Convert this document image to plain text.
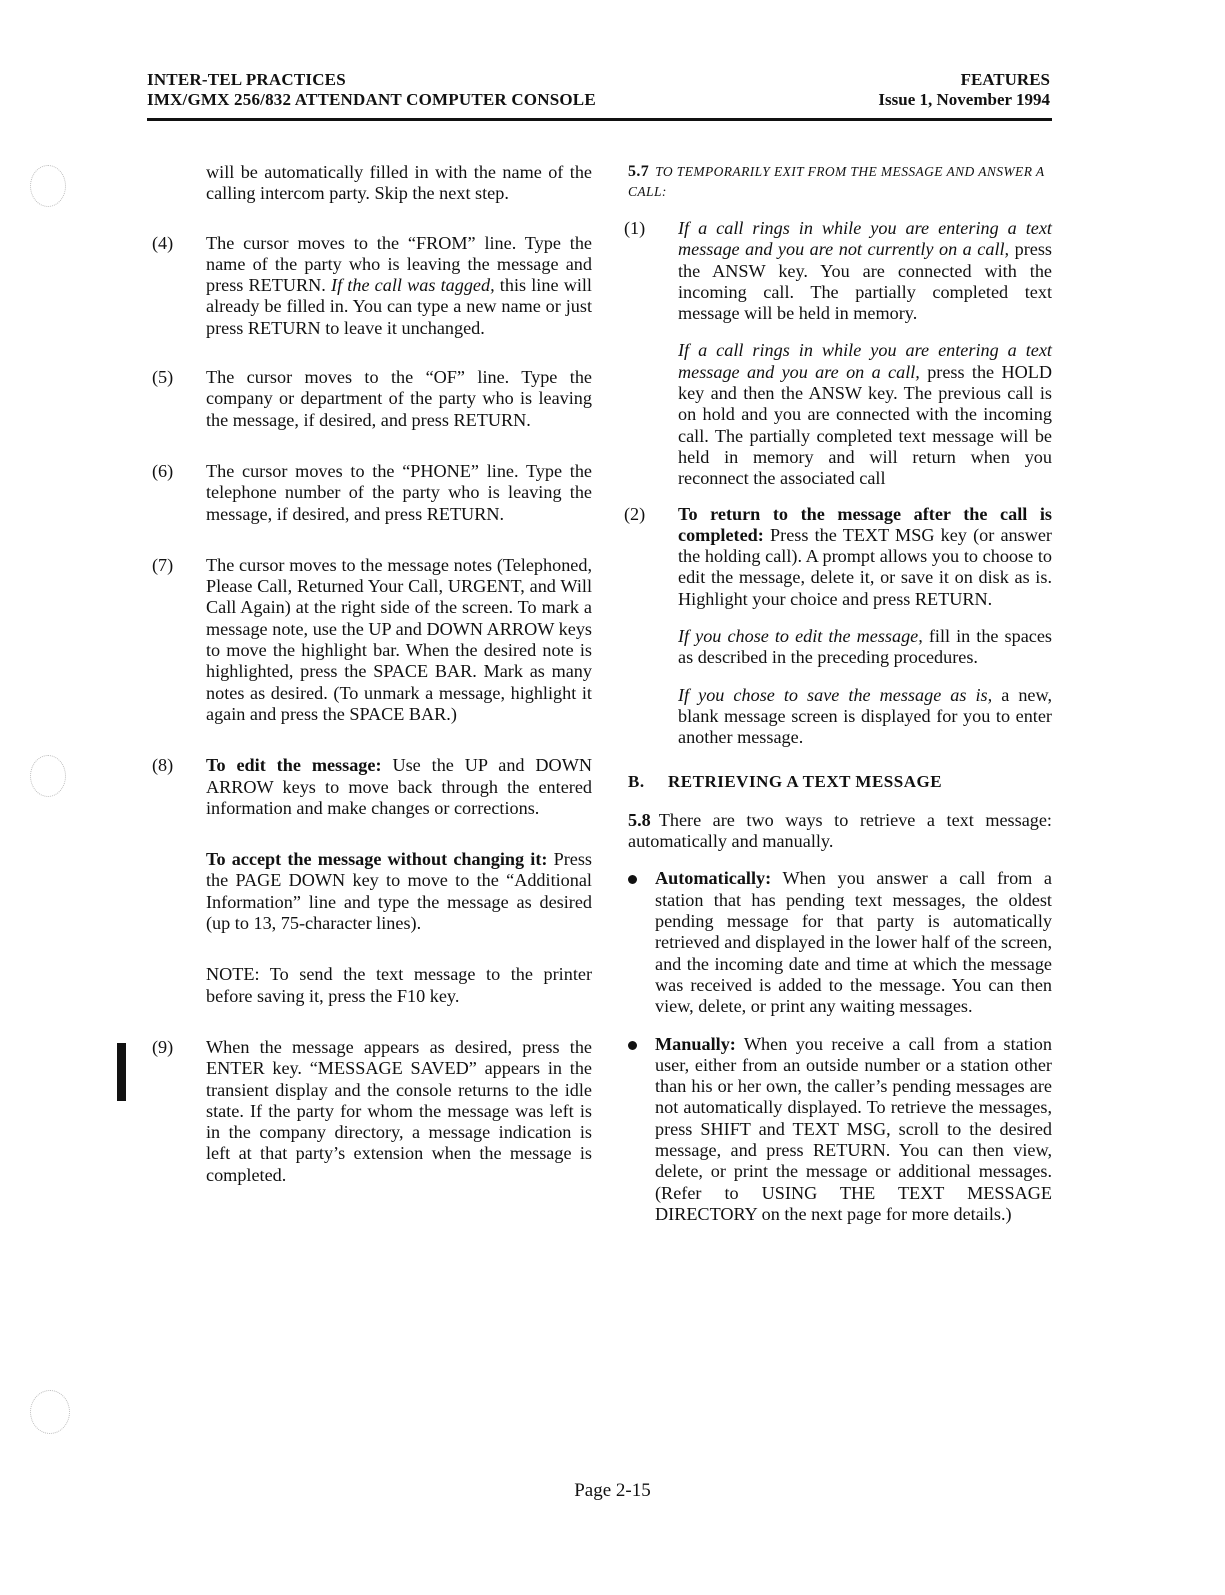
INTER-TEL PRACTICES
IMX/GMX 256/832 ATTENDANT COMPUTER CONSOLE
FEATURES
Issue 1, November 1994

will be automatically filled in with the name of the calling intercom party. Skip the next step.

(4) The cursor moves to the “FROM” line. Type the name of the party who is leaving the message and press RETURN. If the call was tagged, this line will already be filled in. You can type a new name or just press RETURN to leave it unchanged.

(5) The cursor moves to the “OF” line. Type the company or department of the party who is leaving the message, if desired, and press RETURN.

(6) The cursor moves to the “PHONE” line. Type the telephone number of the party who is leaving the message, if desired, and press RETURN.

(7) The cursor moves to the message notes (Telephoned, Please Call, Returned Your Call, URGENT, and Will Call Again) at the right side of the screen. To mark a message note, use the UP and DOWN ARROW keys to move the highlight bar. When the desired note is highlighted, press the SPACE BAR. Mark as many notes as desired. (To unmark a message, highlight it again and press the SPACE BAR.)

(8) To edit the message: Use the UP and DOWN ARROW keys to move back through the entered information and make changes or corrections.

To accept the message without changing it: Press the PAGE DOWN key to move to the “Additional Information” line and type the message as desired (up to 13, 75-character lines).

NOTE: To send the text message to the printer before saving it, press the F10 key.

(9) When the message appears as desired, press the ENTER key. “MESSAGE SAVED” appears in the transient display and the console returns to the idle state. If the party for whom the message was left is in the company directory, a message indication is left at that party’s extension when the message is completed.

5.7 TO TEMPORARILY EXIT FROM THE MESSAGE AND ANSWER A CALL:

(1) If a call rings in while you are entering a text message and you are not currently on a call, press the ANSW key. You are connected with the incoming call. The partially completed text message will be held in memory.

If a call rings in while you are entering a text message and you are on a call, press the HOLD key and then the ANSW key. The previous call is on hold and you are connected with the incoming call. The partially completed text message will be held in memory and will return when you reconnect the associated call

(2) To return to the message after the call is completed: Press the TEXT MSG key (or answer the holding call). A prompt allows you to choose to edit the message, delete it, or save it on disk as is. Highlight your choice and press RETURN.

If you chose to edit the message, fill in the spaces as described in the preceding procedures.

If you chose to save the message as is, a new, blank message screen is displayed for you to enter another message.

B. RETRIEVING A TEXT MESSAGE

5.8 There are two ways to retrieve a text message: automatically and manually.

Automatically: When you answer a call from a station that has pending text messages, the oldest pending message for that party is automatically retrieved and displayed in the lower half of the screen, and the incoming date and time at which the message was received is added to the message. You can then view, delete, or print any waiting messages.

Manually: When you receive a call from a station user, either from an outside number or a station other than his or her own, the caller’s pending messages are not automatically displayed. To retrieve the messages, press SHIFT and TEXT MSG, scroll to the desired message, and press RETURN. You can then view, delete, or print the message or additional messages. (Refer to USING THE TEXT MESSAGE DIRECTORY on the next page for more details.)

Page 2-15
